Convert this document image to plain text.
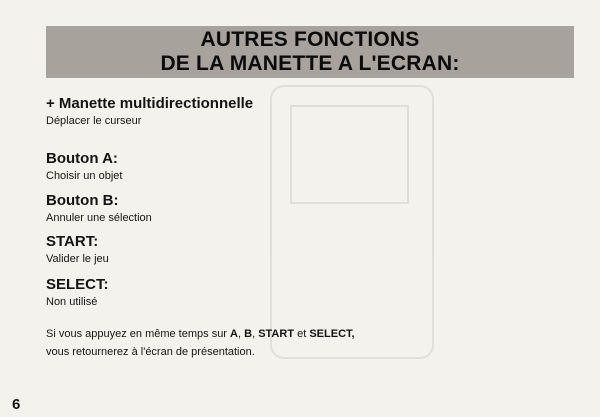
AUTRES FONCTIONS
DE LA MANETTE A L'ECRAN:
+ Manette multidirectionnelle
Déplacer le curseur
Bouton A:
Choisir un objet
Bouton B:
Annuler une sélection
START:
Valider le jeu
SELECT:
Non utilisé

Si vous appuyez en même temps sur A, B, START et SELECT,

vous retournerez à l'écran de présentation.

6
